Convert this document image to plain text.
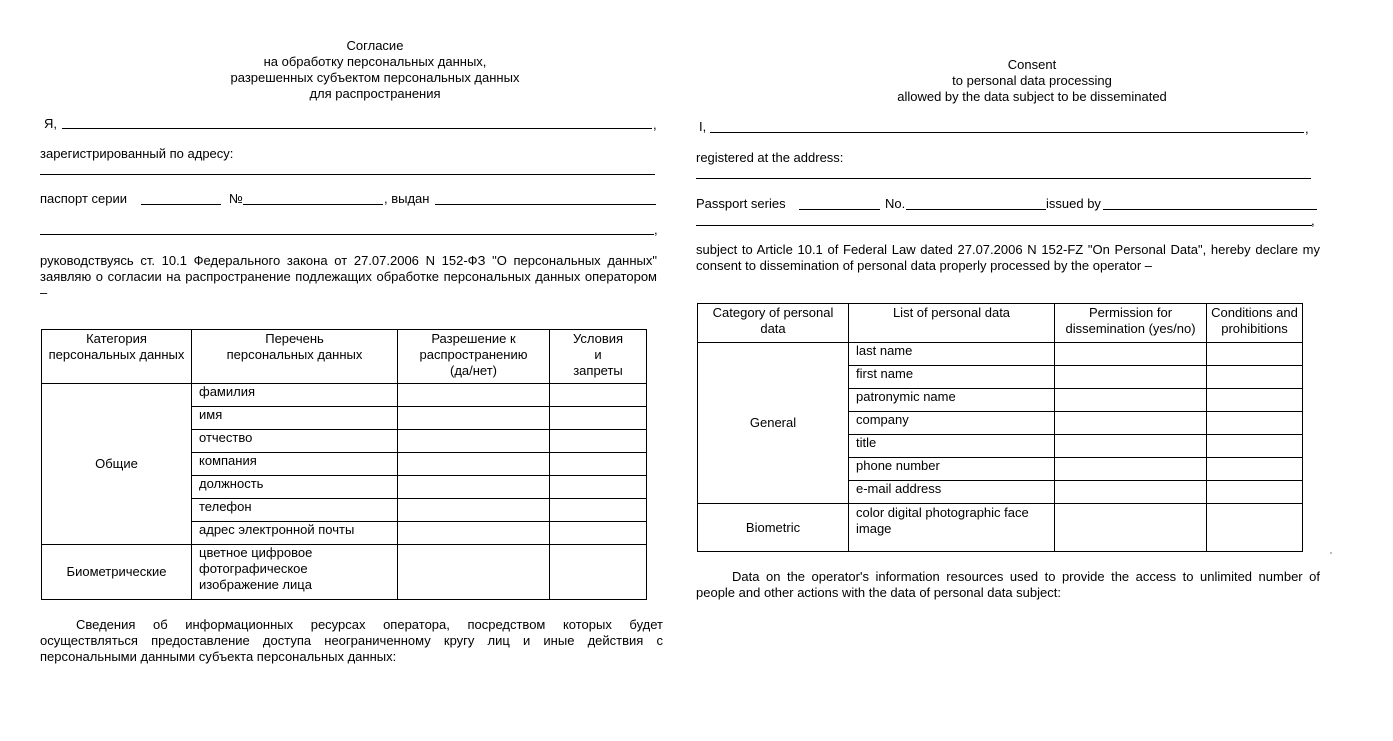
Согласие
на обработку персональных данных,
разрешенных субъектом персональных данных
для распространения
Я,	,
зарегистрированный по адресу:
паспорт серии	№	, выдан
,
руководствуясь ст. 10.1 Федерального закона от 27.07.2006 N 152-ФЗ "О персональных данных"
заявляю о согласии на распространение подлежащих обработке персональных данных оператором
–
Категория персональных данных	Перечень персональных данных	Разрешение к распространению (да/нет)	Условия и запреты
Общие	фамилия		
	имя		
	отчество		
	компания		
	должность		
	телефон		
	адрес электронной почты		
Биометрические	цветное цифровое фотографическое изображение лица		
Сведения об информационных ресурсах оператора, посредством которых будет
осуществляться предоставление доступа неограниченному кругу лиц и иные действия с
персональными данными субъекта персональных данных:
Consent
to personal data processing
allowed by the data subject to be disseminated
I,	,
registered at the address:
Passport series	No.	issued by
,
subject to Article 10.1 of Federal Law dated 27.07.2006 N 152-FZ "On Personal Data", hereby declare my
consent to dissemination of personal data properly processed by the operator –
Category of personal data	List of personal data	Permission for dissemination (yes/no)	Conditions and prohibitions
General	last name		
	first name		
	patronymic name		
	company		
	title		
	phone number		
	e-mail address		
Biometric	color digital photographic face image		
Data on the operator's information resources used to provide the access to unlimited number of
people and other actions with the data of personal data subject:
